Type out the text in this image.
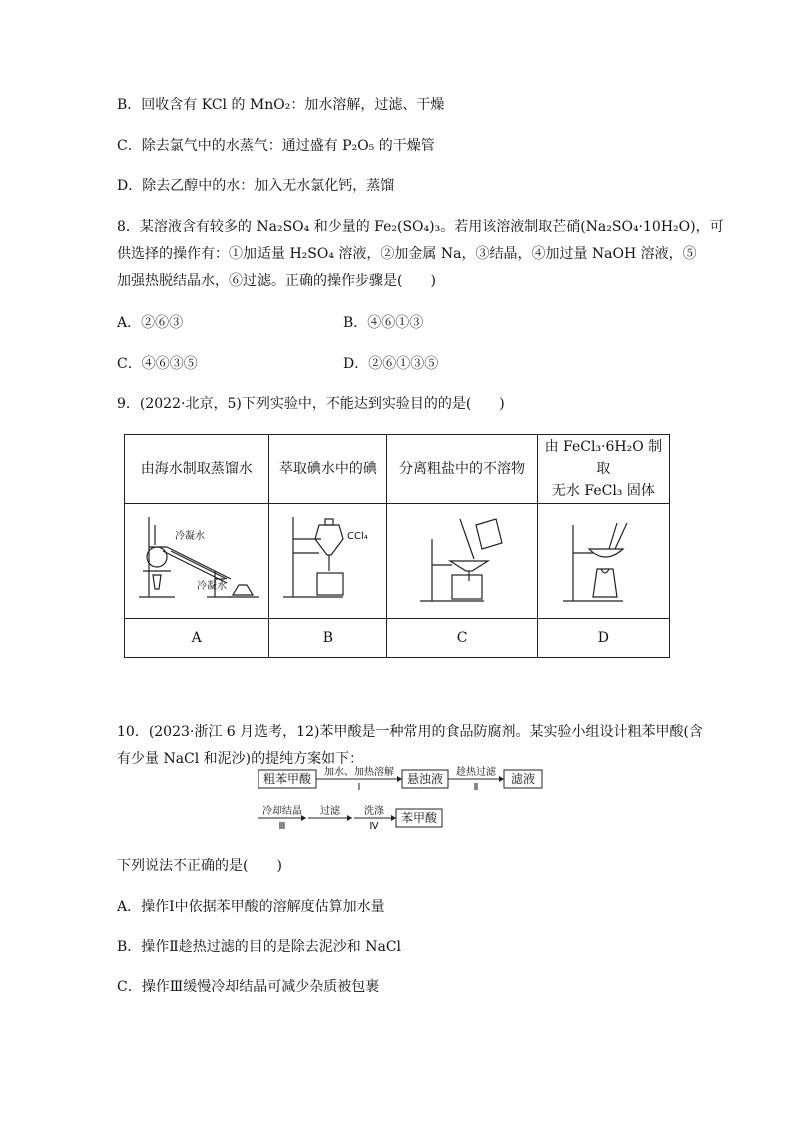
B．回收含有 KCl 的 MnO₂：加水溶解，过滤、干燥
C．除去氯气中的水蒸气：通过盛有 P₂O₅ 的干燥管
D．除去乙醇中的水：加入无水氯化钙，蒸馏
8．某溶液含有较多的 Na₂SO₄ 和少量的 Fe₂(SO₄)₃。若用该溶液制取芒硝(Na₂SO₄·10H₂O)，可
供选择的操作有：①加适量 H₂SO₄ 溶液，②加金属 Na，③结晶，④加过量 NaOH 溶液，⑤
加强热脱结晶水，⑥过滤。正确的操作步骤是(　　)
A．②⑥③	B．④⑥①③
C．④⑥③⑤	D．②⑥①③⑤
9．(2022·北京，5)下列实验中，不能达到实验目的的是(　　)
由海水制取蒸馏水	萃取碘水中的碘	分离粗盐中的不溶物	由 FeCl₃·6H₂O 制取
无水 FeCl₃ 固体

冷凝水
冷凝水	CCl₄

A	B	C	D
10．(2023·浙江 6 月选考，12)苯甲酸是一种常用的食品防腐剂。某实验小组设计粗苯甲酸(含
有少量 NaCl 和泥沙)的提纯方案如下：
粗苯甲酸 加水、加热溶解
Ⅰ
悬浊液 趁热过滤
Ⅱ
滤液
冷却结晶
Ⅲ
过滤 洗涤
Ⅳ
苯甲酸
下列说法不正确的是(　　)
A．操作Ⅰ中依据苯甲酸的溶解度估算加水量
B．操作Ⅱ趁热过滤的目的是除去泥沙和 NaCl
C．操作Ⅲ缓慢冷却结晶可减少杂质被包裹
